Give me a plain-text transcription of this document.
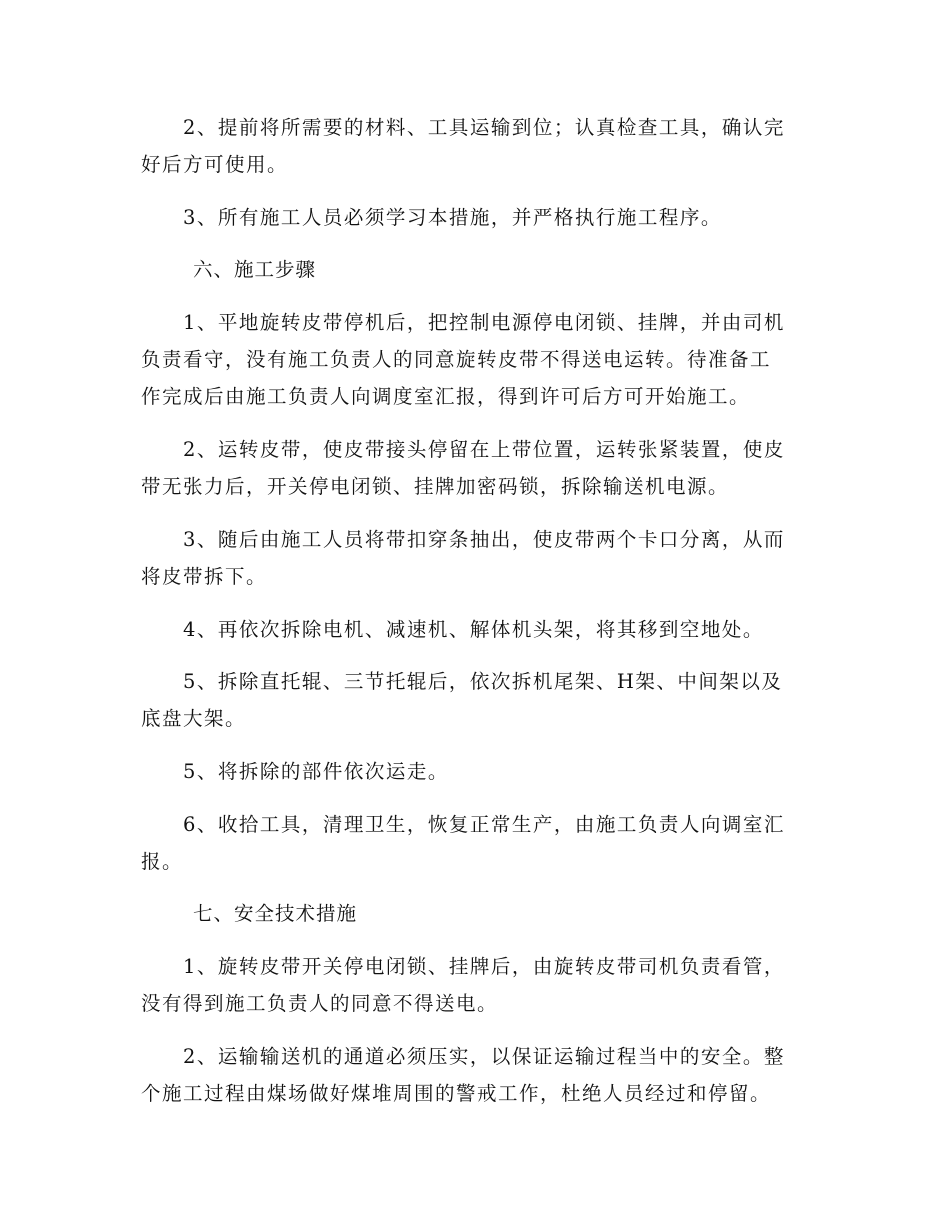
2、提前将所需要的材料、工具运输到位；认真检查工具，确认完
好后方可使用。
3、所有施工人员必须学习本措施，并严格执行施工程序。
六、施工步骤
1、平地旋转皮带停机后，把控制电源停电闭锁、挂牌，并由司机
负责看守，没有施工负责人的同意旋转皮带不得送电运转。待准备工
作完成后由施工负责人向调度室汇报，得到许可后方可开始施工。
2、运转皮带，使皮带接头停留在上带位置，运转张紧装置，使皮
带无张力后，开关停电闭锁、挂牌加密码锁，拆除输送机电源。
3、随后由施工人员将带扣穿条抽出，使皮带两个卡口分离，从而
将皮带拆下。
4、再依次拆除电机、减速机、解体机头架，将其移到空地处。
5、拆除直托辊、三节托辊后，依次拆机尾架、H架、中间架以及
底盘大架。
5、将拆除的部件依次运走。
6、收拾工具，清理卫生，恢复正常生产，由施工负责人向调室汇
报。
七、安全技术措施
1、旋转皮带开关停电闭锁、挂牌后，由旋转皮带司机负责看管，
没有得到施工负责人的同意不得送电。
2、运输输送机的通道必须压实，以保证运输过程当中的安全。整
个施工过程由煤场做好煤堆周围的警戒工作，杜绝人员经过和停留。
